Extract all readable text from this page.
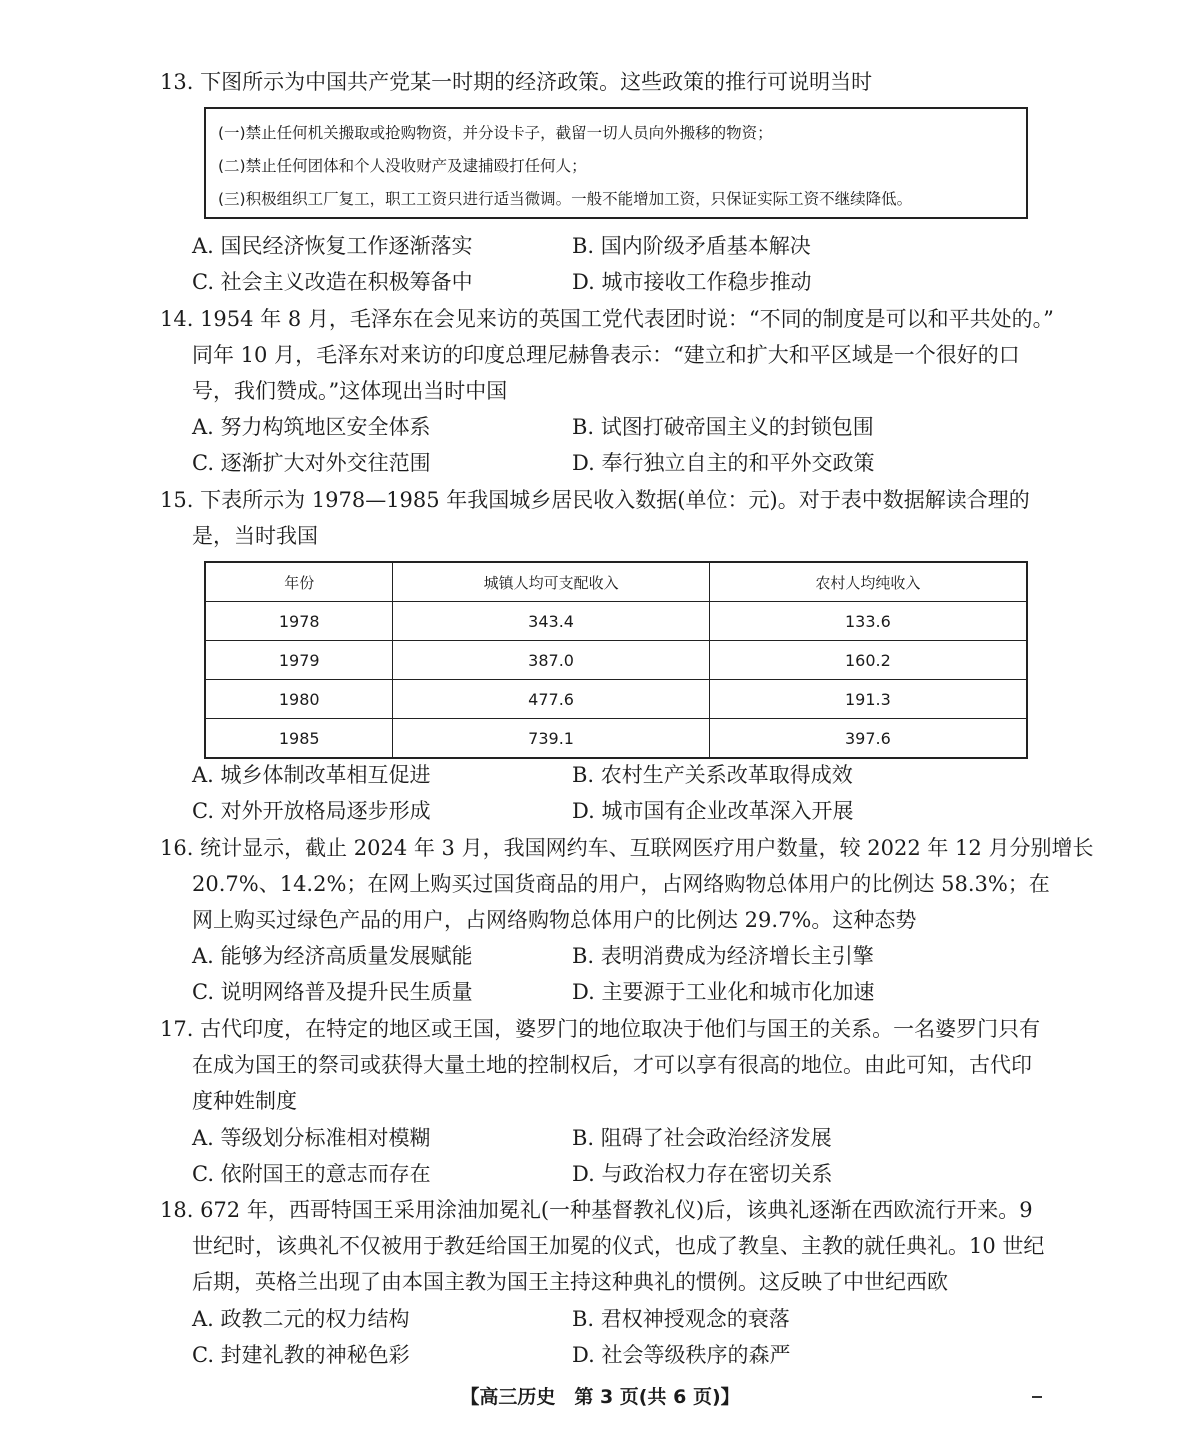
13. 下图所示为中国共产党某一时期的经济政策。这些政策的推行可说明当时
(一)禁止任何机关搬取或抢购物资，并分设卡子，截留一切人员向外搬移的物资；
(二)禁止任何团体和个人没收财产及逮捕殴打任何人；
(三)积极组织工厂复工，职工工资只进行适当微调。一般不能增加工资，只保证实际工资不继续降低。
A. 国民经济恢复工作逐渐落实	B. 国内阶级矛盾基本解决
C. 社会主义改造在积极筹备中	D. 城市接收工作稳步推动
14. 1954 年 8 月，毛泽东在会见来访的英国工党代表团时说：“不同的制度是可以和平共处的。”
同年 10 月，毛泽东对来访的印度总理尼赫鲁表示：“建立和扩大和平区域是一个很好的口
号，我们赞成。”这体现出当时中国
A. 努力构筑地区安全体系	B. 试图打破帝国主义的封锁包围
C. 逐渐扩大对外交往范围	D. 奉行独立自主的和平外交政策
15. 下表所示为 1978—1985 年我国城乡居民收入数据(单位：元)。对于表中数据解读合理的
是，当时我国
年份	城镇人均可支配收入	农村人均纯收入
1978	343.4	133.6
1979	387.0	160.2
1980	477.6	191.3
1985	739.1	397.6
A. 城乡体制改革相互促进	B. 农村生产关系改革取得成效
C. 对外开放格局逐步形成	D. 城市国有企业改革深入开展
16. 统计显示，截止 2024 年 3 月，我国网约车、互联网医疗用户数量，较 2022 年 12 月分别增长
20.7%、14.2%；在网上购买过国货商品的用户，占网络购物总体用户的比例达 58.3%；在
网上购买过绿色产品的用户，占网络购物总体用户的比例达 29.7%。这种态势
A. 能够为经济高质量发展赋能	B. 表明消费成为经济增长主引擎
C. 说明网络普及提升民生质量	D. 主要源于工业化和城市化加速
17. 古代印度，在特定的地区或王国，婆罗门的地位取决于他们与国王的关系。一名婆罗门只有
在成为国王的祭司或获得大量土地的控制权后，才可以享有很高的地位。由此可知，古代印
度种姓制度
A. 等级划分标准相对模糊	B. 阻碍了社会政治经济发展
C. 依附国王的意志而存在	D. 与政治权力存在密切关系
18. 672 年，西哥特国王采用涂油加冕礼(一种基督教礼仪)后，该典礼逐渐在西欧流行开来。9
世纪时，该典礼不仅被用于教廷给国王加冕的仪式，也成了教皇、主教的就任典礼。10 世纪
后期，英格兰出现了由本国主教为国王主持这种典礼的惯例。这反映了中世纪西欧
A. 政教二元的权力结构	B. 君权神授观念的衰落
C. 封建礼教的神秘色彩	D. 社会等级秩序的森严
【高三历史　第 3 页(共 6 页)】
